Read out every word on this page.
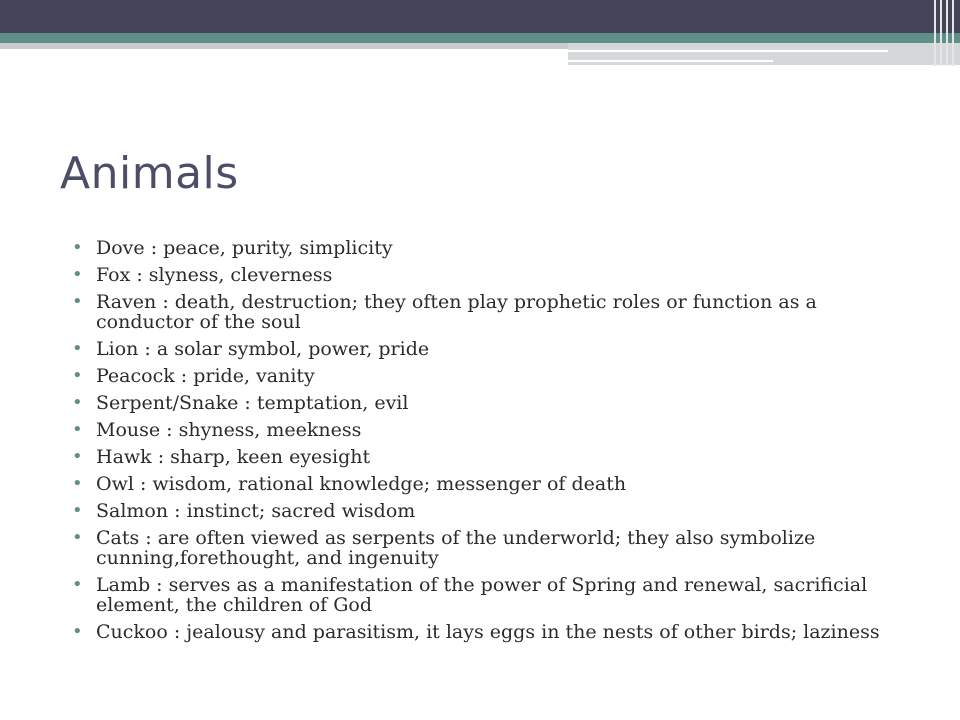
Animals
• Dove : peace, purity, simplicity
• Fox : slyness, cleverness
• Raven : death, destruction; they often play prophetic roles or function as a conductor of the soul
• Lion : a solar symbol, power, pride
• Peacock : pride, vanity
• Serpent/Snake : temptation, evil
• Mouse : shyness, meekness
• Hawk : sharp, keen eyesight
• Owl : wisdom, rational knowledge; messenger of death
• Salmon : instinct; sacred wisdom
• Cats : are often viewed as serpents of the underworld; they also symbolize cunning,forethought, and ingenuity
• Lamb : serves as a manifestation of the power of Spring and renewal, sacrificial element, the children of God
• Cuckoo : jealousy and parasitism, it lays eggs in the nests of other birds; laziness
